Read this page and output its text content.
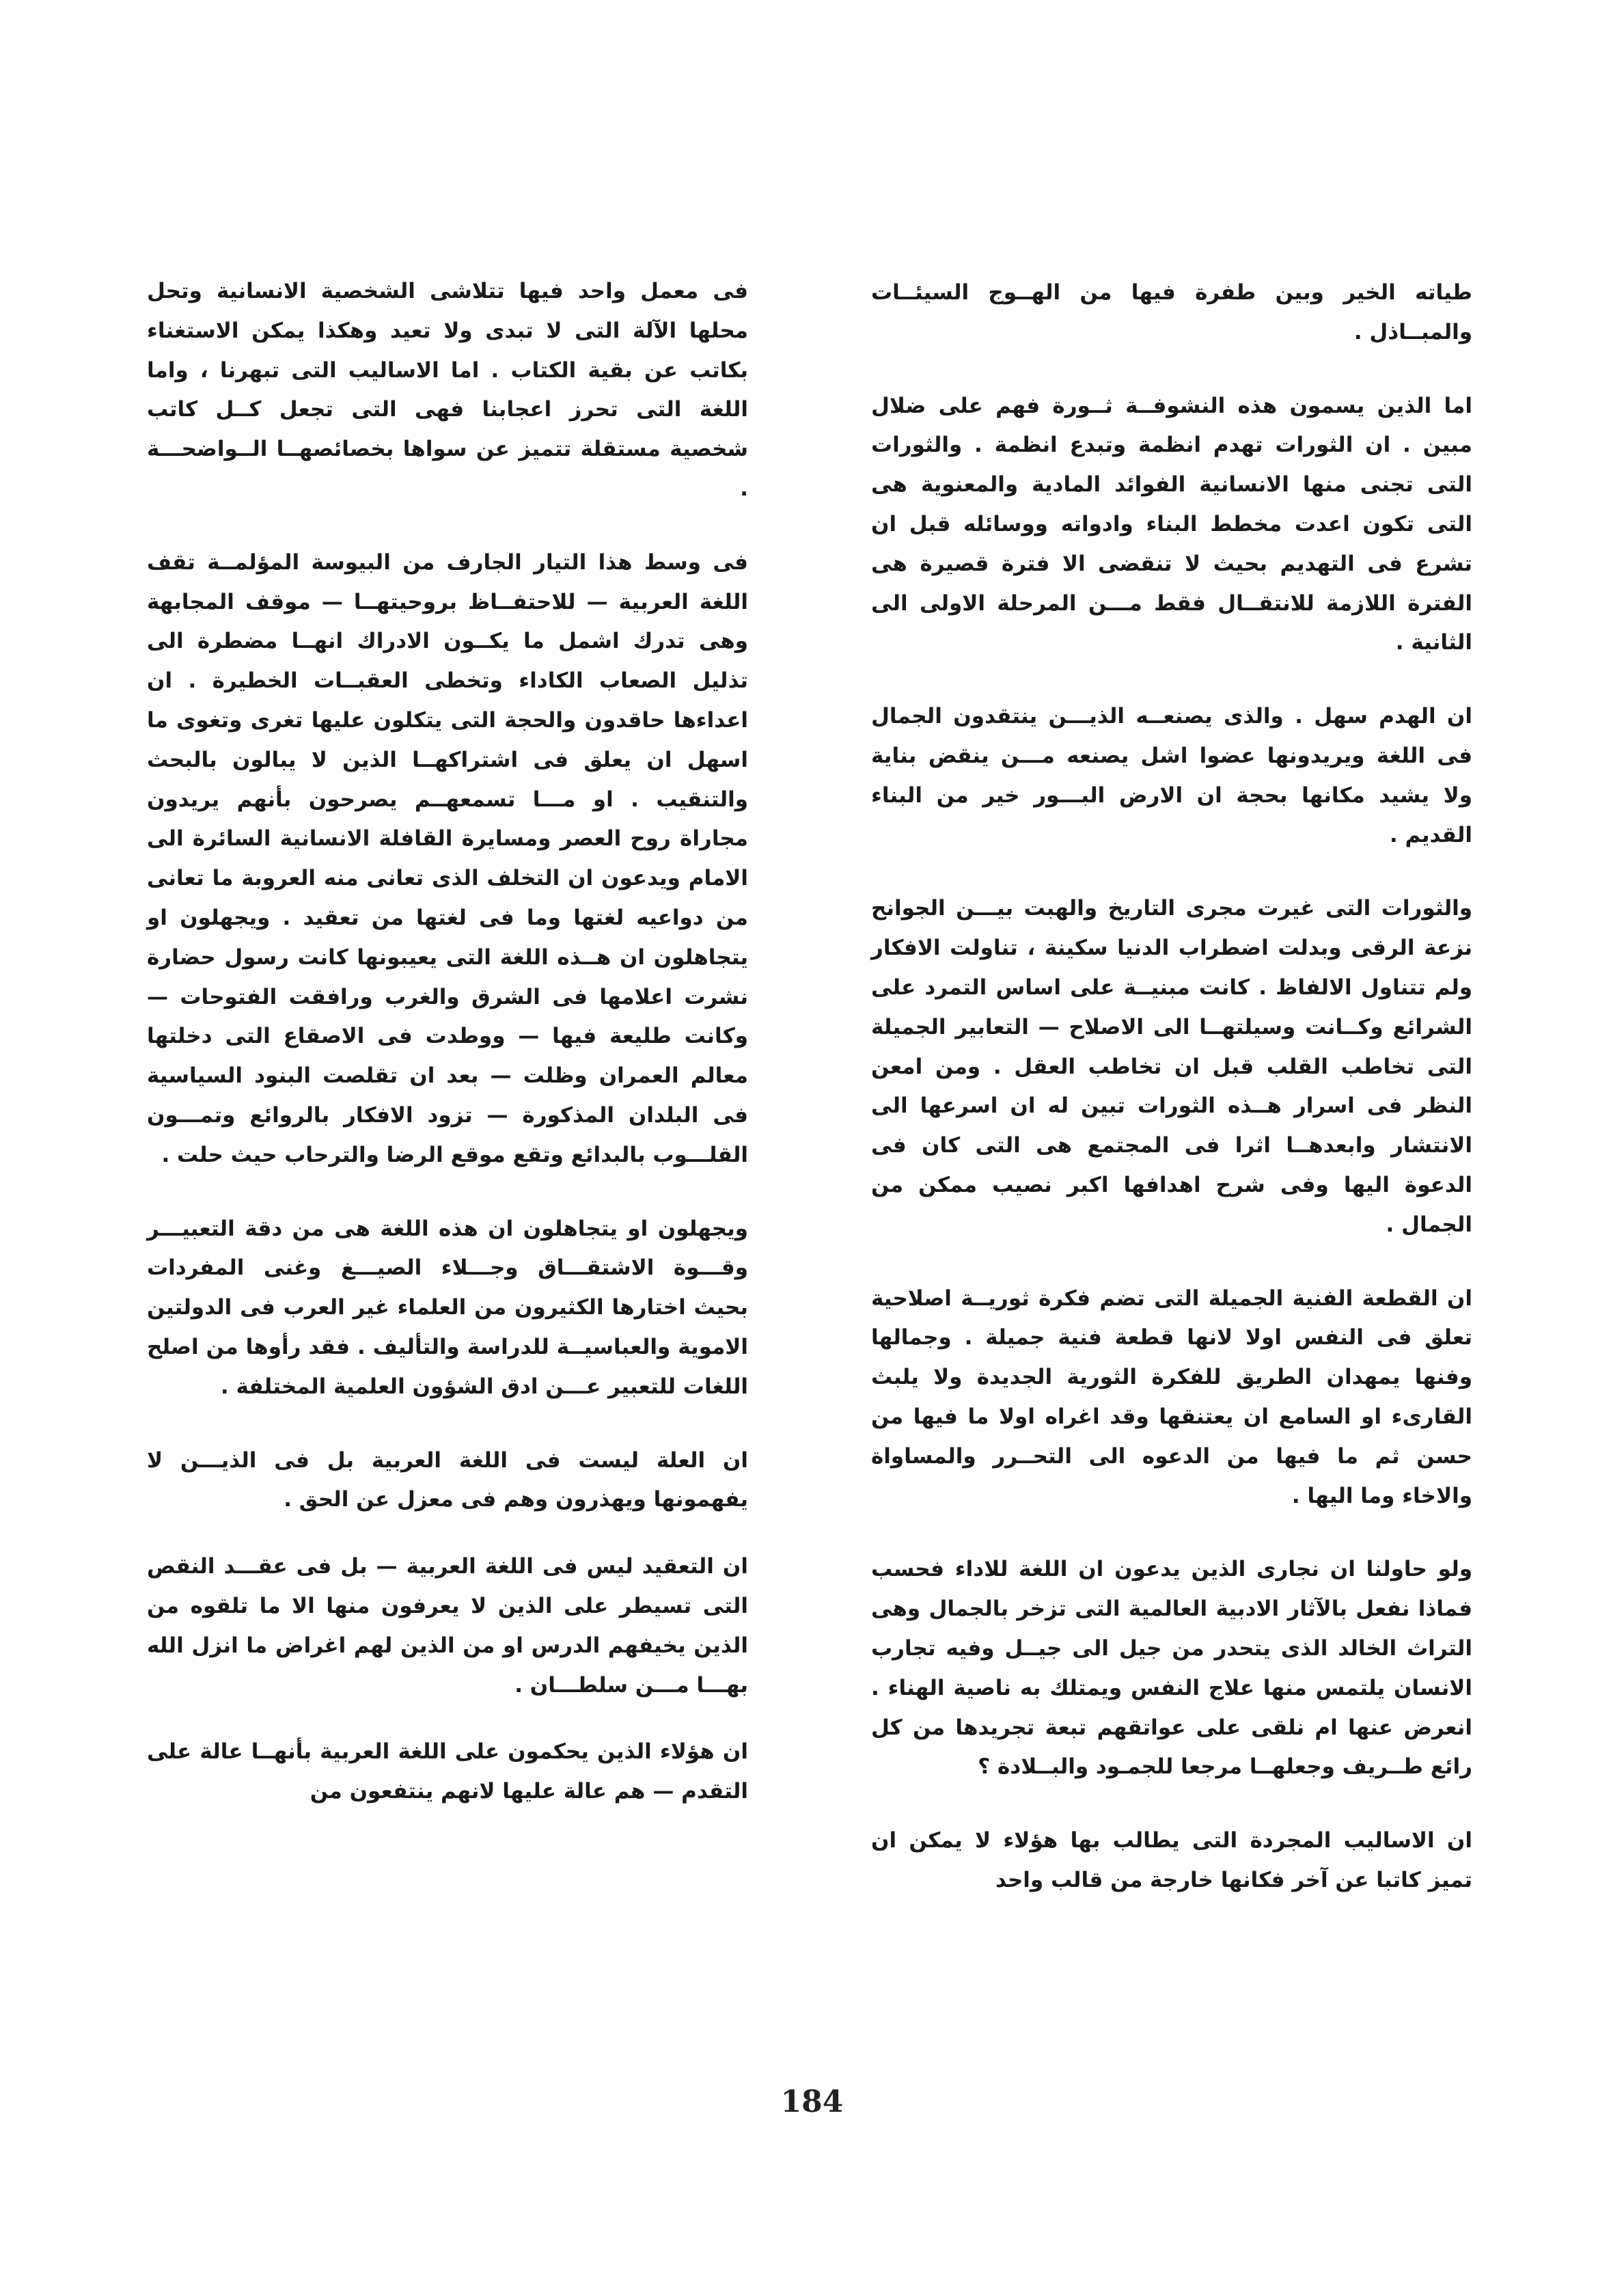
طياته الخير وبين طفرة فيها من الهــوج السيئــات والمبــاذل .

اما الذين يسمون هذه النشوفــة ثــورة فهم على ضلال مبين . ان الثورات تهدم انظمة وتبدع انظمة . والثورات التى تجنى منها الانسانية الفوائد المادية والمعنوية هى التى تكون اعدت مخطط البناء وادواته ووسائله قبل ان تشرع فى التهديم بحيث لا تنقضى الا فترة قصيرة هى الفترة اللازمة للانتقــال فقط مـــن المرحلة الاولى الى الثانية .

ان الهدم سهل . والذى يصنعــه الذيـــن ينتقدون الجمال فى اللغة ويريدونها عضوا اشل يصنعه مـــن ينقض بناية ولا يشيد مكانها بحجة ان الارض البـــور خير من البناء القديم .

والثورات التى غيرت مجرى التاريخ والهبت بيـــن الجوانح نزعة الرقى وبدلت اضطراب الدنيا سكينة ، تناولت الافكار ولم تتناول الالفاظ . كانت مبنيــة على اساس التمرد على الشرائع وكــانت وسيلتهــا الى الاصلاح — التعابير الجميلة التى تخاطب القلب قبل ان تخاطب العقل . ومن امعن النظر فى اسرار هــذه الثورات تبين له ان اسرعها الى الانتشار وابعدهــا اثرا فى المجتمع هى التى كان فى الدعوة اليها وفى شرح اهدافها اكبر نصيب ممكن من الجمال .

ان القطعة الفنية الجميلة التى تضم فكرة ثوريــة اصلاحية تعلق فى النفس اولا لانها قطعة فنية جميلة . وجمالها وفنها يمهدان الطريق للفكرة الثورية الجديدة ولا يلبث القارىء او السامع ان يعتنقها وقد اغراه اولا ما فيها من حسن ثم ما فيها من الدعوه الى التحــرر والمساواة والاخاء وما اليها .

ولو حاولنا ان نجارى الذين يدعون ان اللغة للاداء فحسب فماذا نفعل بالآثار الادبية العالمية التى تزخر بالجمال وهى التراث الخالد الذى يتحدر من جيل الى جيــل وفيه تجارب الانسان يلتمس منها علاج النفس ويمتلك به ناصية الهناء . انعرض عنها ام نلقى على عواتقهم تبعة تجريدها من كل رائع طــريف وجعلهــا مرجعا للجمـود والبــلادة ؟

ان الاساليب المجردة التى يطالب بها هؤلاء لا يمكن ان تميز كاتبا عن آخر فكانها خارجة من قالب واحد

فى معمل واحد فيها تتلاشى الشخصية الانسانية وتحل محلها الآلة التى لا تبدى ولا تعيد وهكذا يمكن الاستغناء بكاتب عن بقية الكتاب . اما الاساليب التى تبهرنا ، واما اللغة التى تحرز اعجابنا فهى التى تجعل كــل كاتب شخصية مستقلة تتميز عن سواها بخصائصهــا الــواضحـــة .

فى وسط هذا التيار الجارف من البيوسة المؤلمــة تقف اللغة العربية — للاحتفــاظ بروحيتهــا — موقف المجابهة وهى تدرك اشمل ما يكــون الادراك انهــا مضطرة الى تذليل الصعاب الكاداء وتخطى العقبــات الخطيرة . ان اعداءها حاقدون والحجة التى يتكلون عليها تغرى وتغوى ما اسهل ان يعلق فى اشتراكهــا الذين لا يبالون بالبحث والتنقيب . او مـــا تسمعهــم يصرحون بأنهم يريدون مجاراة روح العصر ومسايرة القافلة الانسانية السائرة الى الامام ويدعون ان التخلف الذى تعانى منه العروبة ما تعانى من دواعيه لغتها وما فى لغتها من تعقيد . ويجهلون او يتجاهلون ان هــذه اللغة التى يعيبونها كانت رسول حضارة نشرت اعلامها فى الشرق والغرب ورافقت الفتوحات — وكانت طليعة فيها — ووطدت فى الاصقاع التى دخلتها معالم العمران وظلت — بعد ان تقلصت البنود السياسية فى البلدان المذكورة — تزود الافكار بالروائع وتمـــون القلـــوب بالبدائع وتقع موقع الرضا والترحاب حيث حلت .

ويجهلون او يتجاهلون ان هذه اللغة هى من دقة التعبيـــر وقـــوة الاشتقـــاق وجـــلاء الصيـــغ وغنى المفردات بحيث اختارها الكثيرون من العلماء غير العرب فى الدولتين الاموية والعباسيــة للدراسة والتأليف . فقد رأوها من اصلح اللغات للتعبير عـــن ادق الشؤون العلمية المختلفة .

ان العلة ليست فى اللغة العربية بل فى الذيـــن لا يفهمونها ويهذرون وهم فى معزل عن الحق .

ان التعقيد ليس فى اللغة العربية — بل فى عقـــد النقص التى تسيطر على الذين لا يعرفون منها الا ما تلقوه من الذين يخيفهم الدرس او من الذين لهم اغراض ما انزل الله بهـــا مـــن سلطـــان .

ان هؤلاء الذين يحكمون على اللغة العربية بأنهــا عالة على التقدم — هم عالة عليها لانهم ينتفعون من

184
